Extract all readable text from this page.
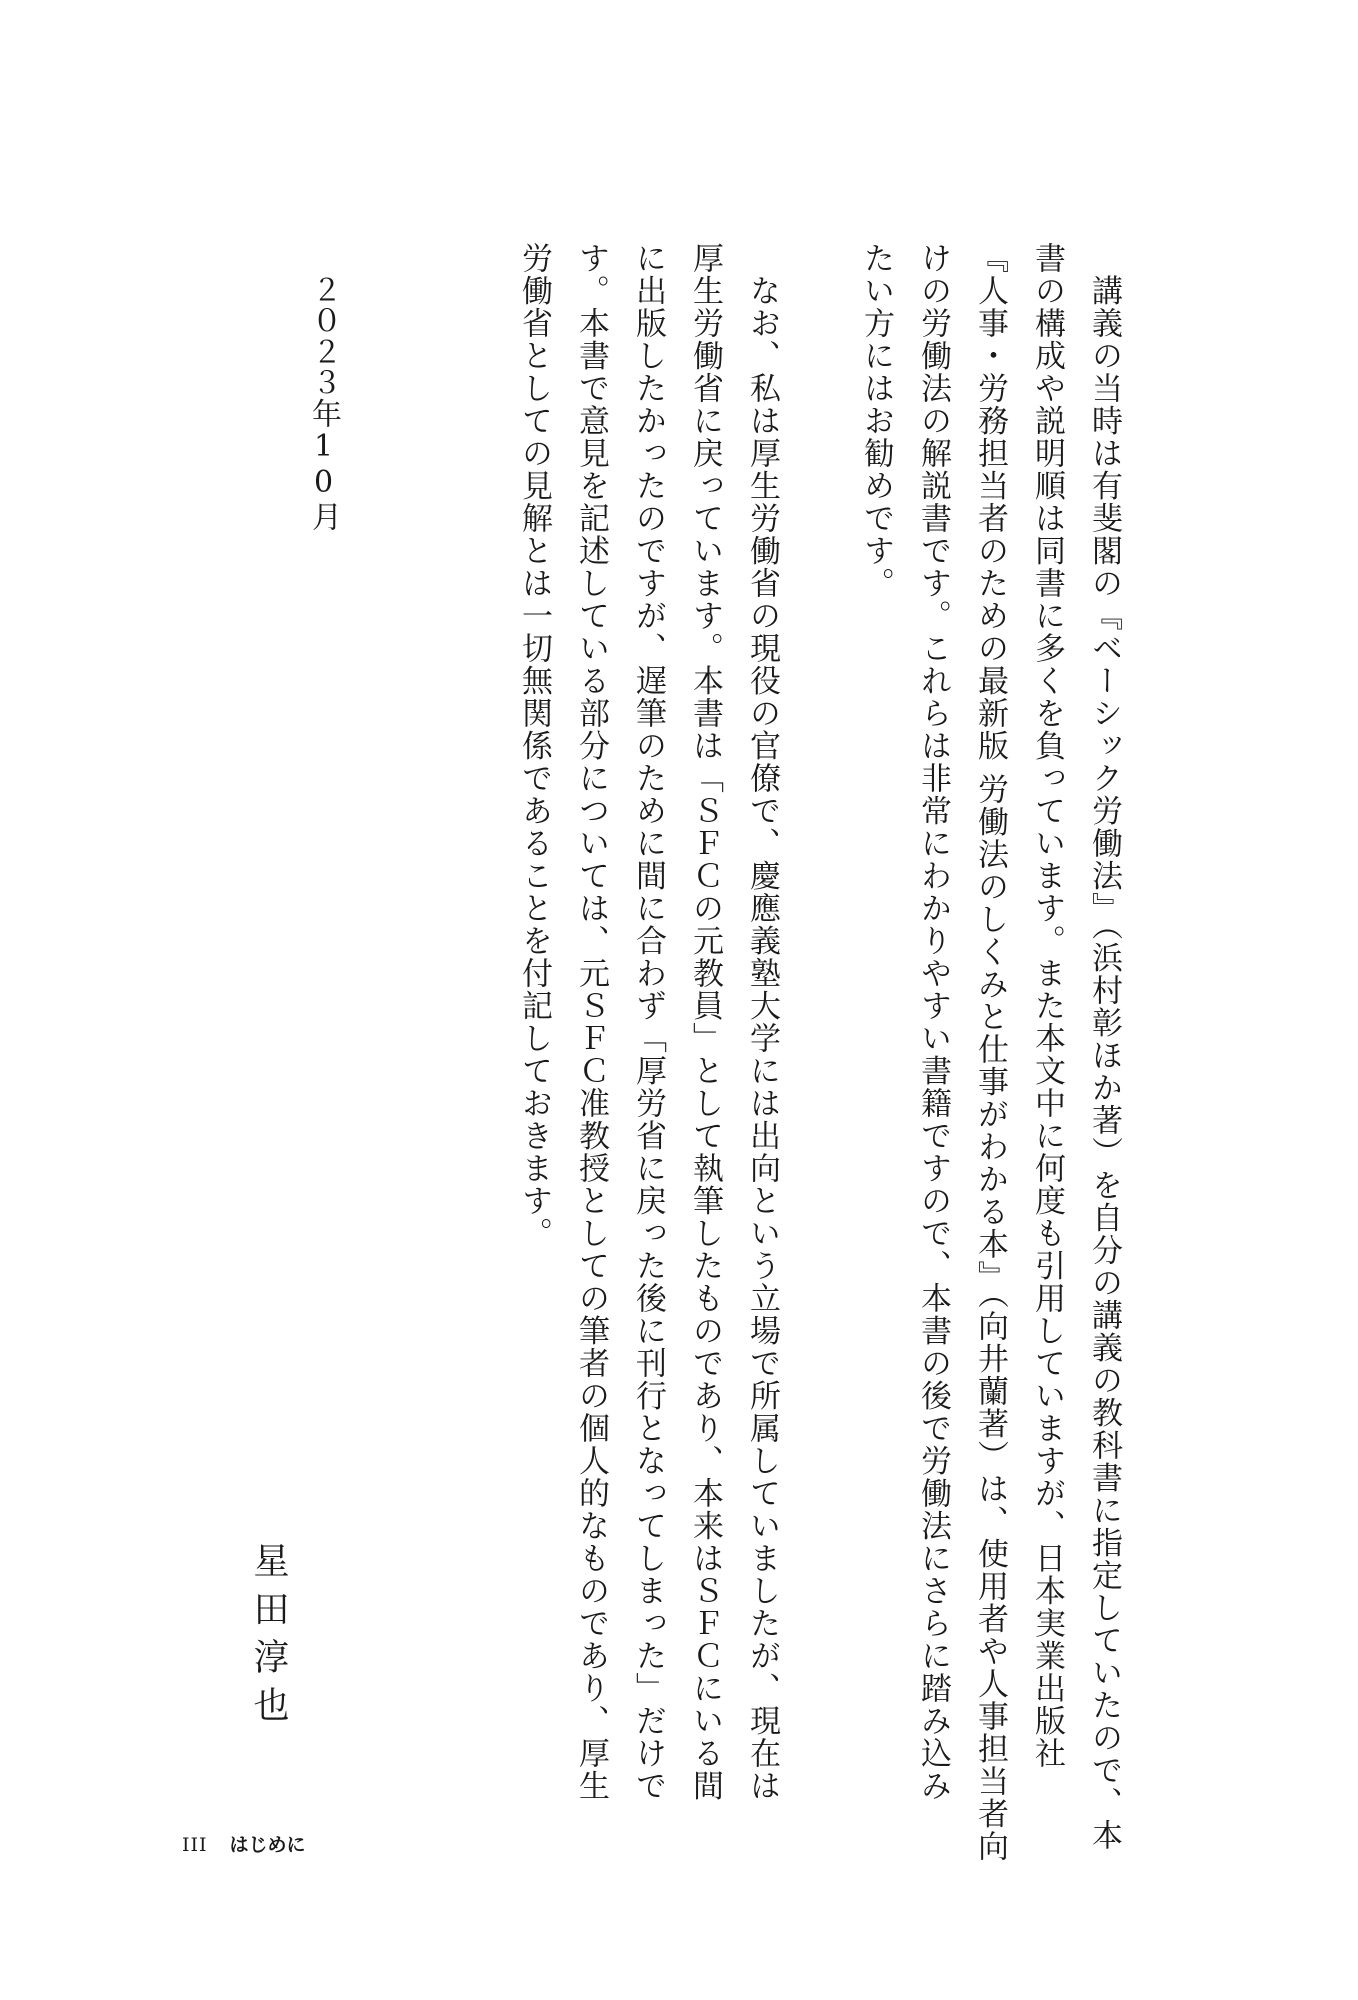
　講義の当時は有斐閣の『ベーシック労働法』（浜村彰ほか著）を自分の講義の教科書に指定していたので、本
書の構成や説明順は同書に多くを負っています。また本文中に何度も引用していますが、日本実業出版社
『人事・労務担当者のための最新版 労働法のしくみと仕事がわかる本』（向井蘭著）は、使用者や人事担当者向
けの労働法の解説書です。これらは非常にわかりやすい書籍ですので、本書の後で労働法にさらに踏み込み
たい方にはお勧めです。
　なお、私は厚生労働省の現役の官僚で、慶應義塾大学には出向という立場で所属していましたが、現在は
厚生労働省に戻っています。本書は「ＳＦＣの元教員」として執筆したものであり、本来はＳＦＣにいる間
に出版したかったのですが、遅筆のために間に合わず「厚労省に戻った後に刊行となってしまった」だけで
す。本書で意見を記述している部分については、元ＳＦＣ准教授としての筆者の個人的なものであり、厚生
労働省としての見解とは一切無関係であることを付記しておきます。
２０２３年10月
星田淳也
III はじめに
